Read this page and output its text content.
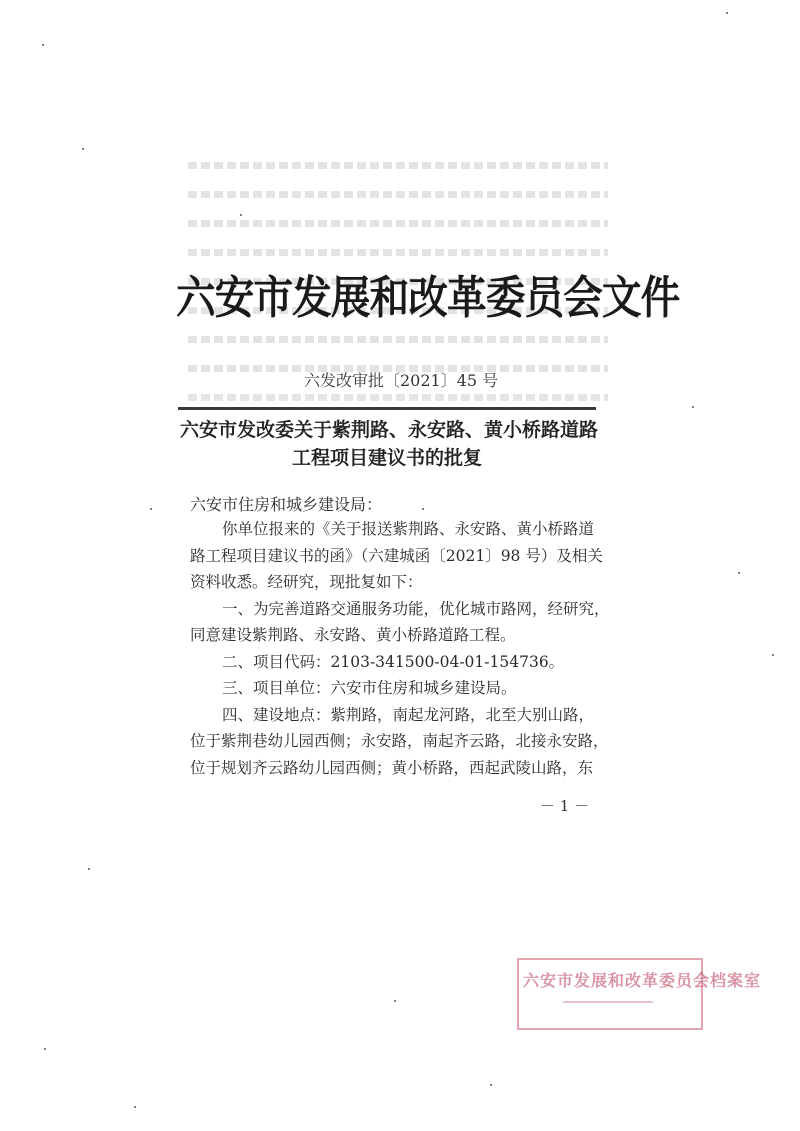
六安市发展和改革委员会文件
六发改审批〔2021〕45 号
六安市发改委关于紫荆路、永安路、黄小桥路道路
工程项目建议书的批复
六安市住房和城乡建设局：
你单位报来的《关于报送紫荆路、永安路、黄小桥路道
路工程项目建议书的函》（六建城函〔2021〕98 号）及相关
资料收悉。经研究，现批复如下：
一、为完善道路交通服务功能，优化城市路网，经研究，
同意建设紫荆路、永安路、黄小桥路道路工程。
二、项目代码：2103-341500-04-01-154736。
三、项目单位：六安市住房和城乡建设局。
四、建设地点：紫荆路，南起龙河路，北至大别山路，
位于紫荆巷幼儿园西侧；永安路，南起齐云路，北接永安路，
位于规划齐云路幼儿园西侧；黄小桥路，西起武陵山路，东
－ 1 －
六安市发展和改革委员会档案室
